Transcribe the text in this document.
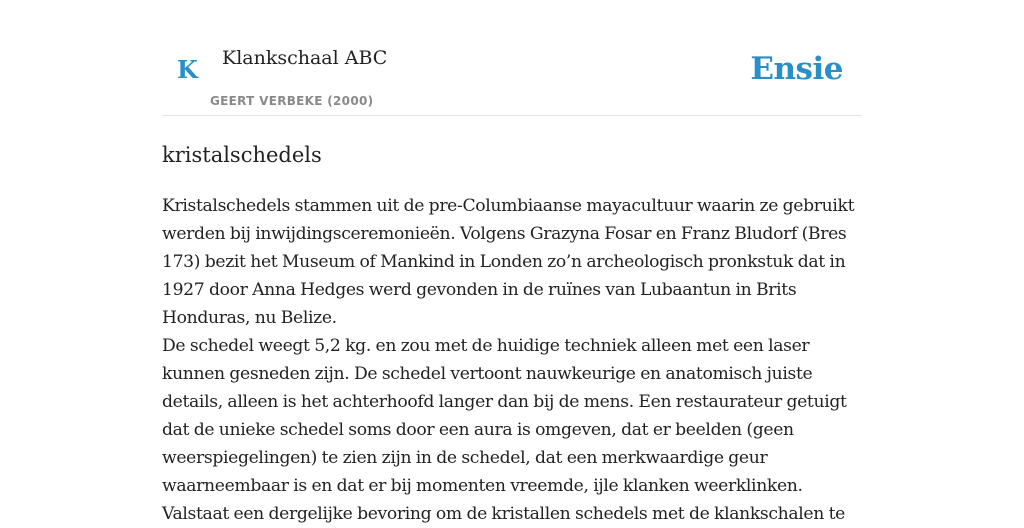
K Klankschaal ABC
GEERT VERBEKE (2000)
Ensie
kristalschedels

Kristalschedels stammen uit de pre-Columbiaanse mayacultuur waarin ze gebruikt werden bij inwijdingsceremonieën. Volgens Grazyna Fosar en Franz Bludorf (Bres 173) bezit het Museum of Mankind in Londen zo’n archeologisch pronkstuk dat in 1927 door Anna Hedges werd gevonden in de ruïnes van Lubaantun in Brits Honduras, nu Belize.

De schedel weegt 5,2 kg. en zou met de huidige techniek alleen met een laser kunnen gesneden zijn. De schedel vertoont nauwkeurige en anatomisch juiste details, alleen is het achterhoofd langer dan bij de mens. Een restaurateur getuigt dat de unieke schedel soms door een aura is omgeven, dat er beelden (geen weerspiegelingen) te zien zijn in de schedel, dat een merkwaardige geur waarneembaar is en dat er bij momenten vreemde, ijle klanken weerklinken.

Valstaat een dergelijke bevoring om de kristallen schedels met de klankschalen te
